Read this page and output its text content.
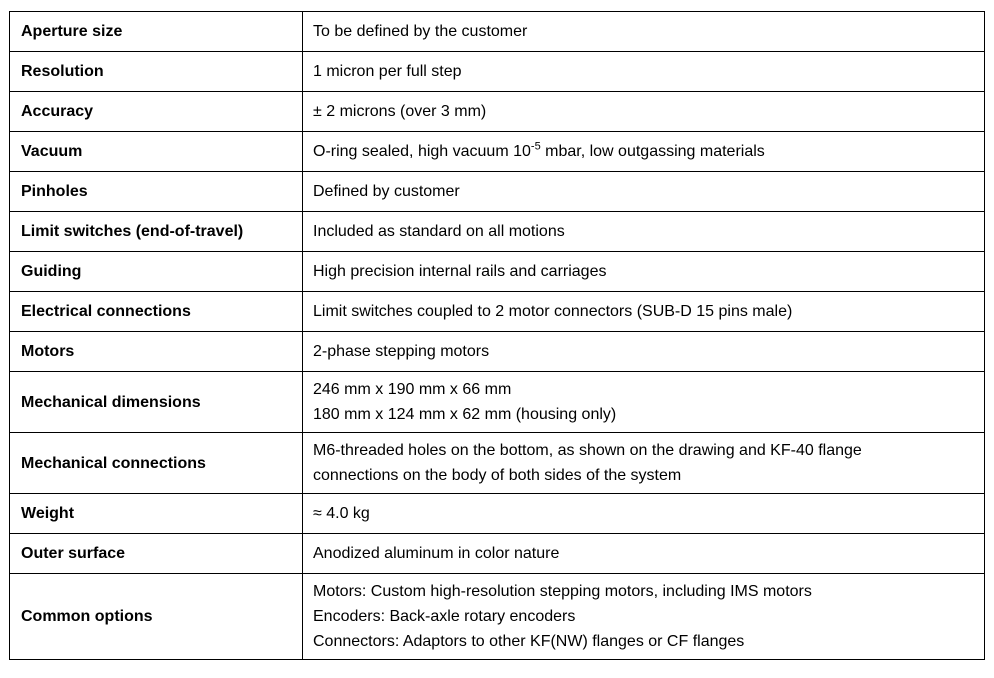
Aperture size	To be defined by the customer

Resolution	1 micron per full step

Accuracy	± 2 microns (over 3 mm)

Vacuum	O-ring sealed, high vacuum $10^{-5}$ mbar, low outgassing materials

Pinholes	Defined by customer

Limit switches (end-of-travel)	Included as standard on all motions

Guiding	High precision internal rails and carriages

Electrical connections	Limit switches coupled to 2 motor connectors (SUB-D 15 pins male)

Motors	2-phase stepping motors

Mechanical dimensions	246 mm x 190 mm x 66 mm
180 mm x 124 mm x 62 mm (housing only)

Mechanical connections	M6-threaded holes on the bottom, as shown on the drawing and KF-40 flange
connections on the body of both sides of the system

Weight	≈ 4.0 kg

Outer surface	Anodized aluminum in color nature

Common options	Motors: Custom high-resolution stepping motors, including IMS motors
Encoders: Back-axle rotary encoders
Connectors: Adaptors to other KF(NW) flanges or CF flanges
